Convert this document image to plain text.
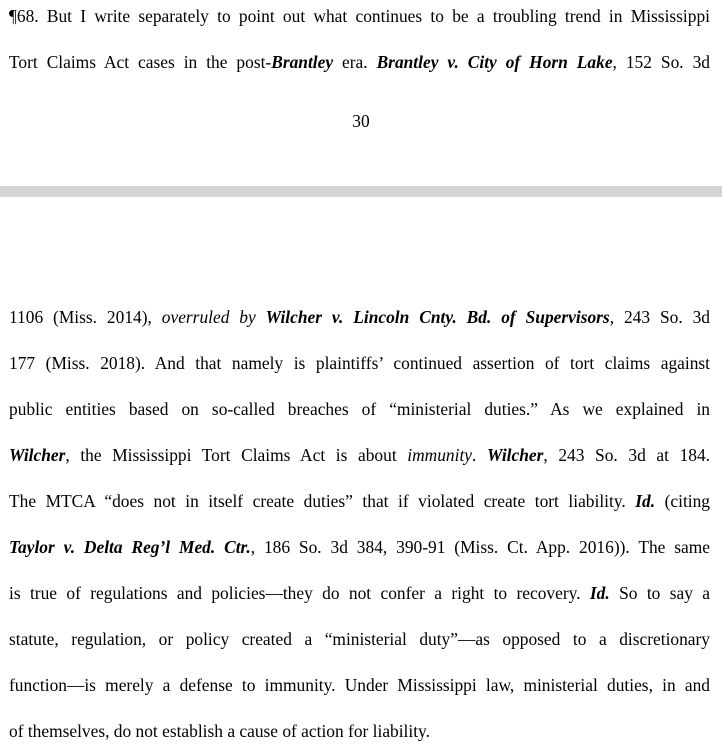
¶68. But I write separately to point out what continues to be a troubling trend in Mississippi
Tort Claims Act cases in the post-Brantley era. Brantley v. City of Horn Lake, 152 So. 3d
30
1106 (Miss. 2014), overruled by Wilcher v. Lincoln Cnty. Bd. of Supervisors, 243 So. 3d
177 (Miss. 2018). And that namely is plaintiffs’ continued assertion of tort claims against
public entities based on so-called breaches of “ministerial duties.” As we explained in
Wilcher, the Mississippi Tort Claims Act is about immunity. Wilcher, 243 So. 3d at 184.
The MTCA “does not in itself create duties” that if violated create tort liability. Id. (citing
Taylor v. Delta Reg’l Med. Ctr., 186 So. 3d 384, 390-91 (Miss. Ct. App. 2016)). The same
is true of regulations and policies—they do not confer a right to recovery. Id. So to say a
statute, regulation, or policy created a “ministerial duty”—as opposed to a discretionary
function—is merely a defense to immunity. Under Mississippi law, ministerial duties, in and
of themselves, do not establish a cause of action for liability.
